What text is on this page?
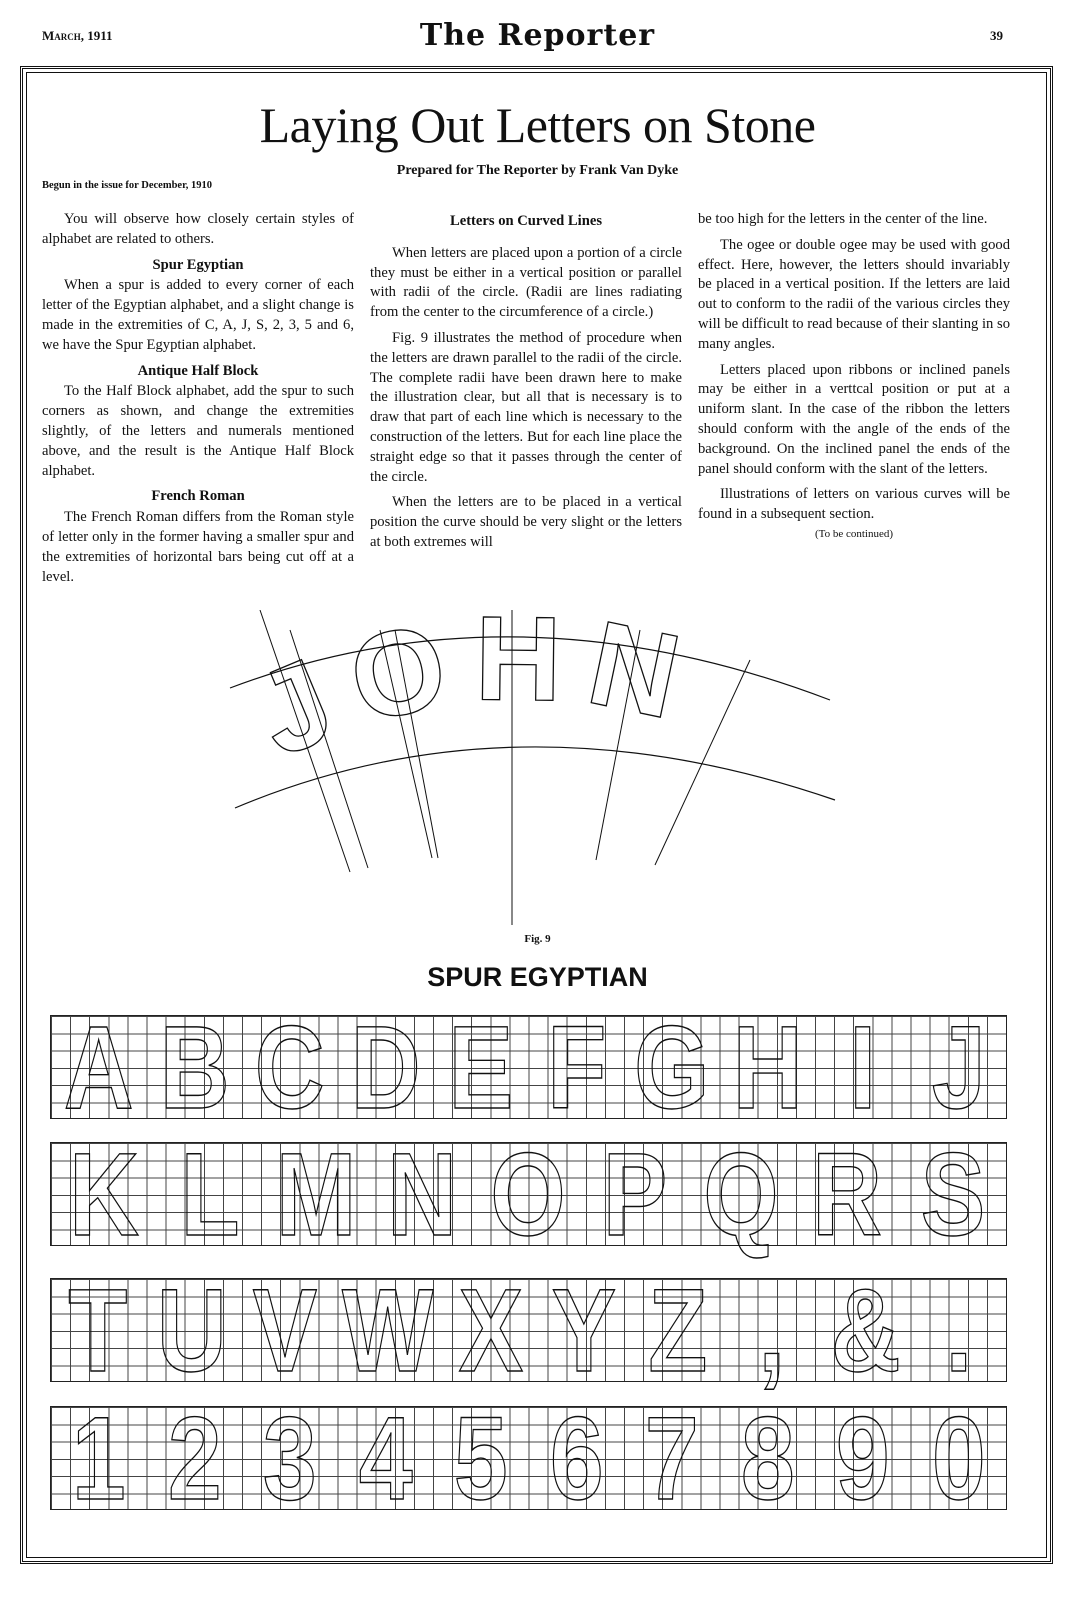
March, 1911	The Reporter	39
Laying Out Letters on Stone
Prepared for The Reporter by Frank Van Dyke
Begun in the issue for December, 1910

You will observe how closely certain styles of alphabet are related to others.

Spur Egyptian

When a spur is added to every corner of each letter of the Egyptian alphabet, and a slight change is made in the extremities of C, A, J, S, 2, 3, 5 and 6, we have the Spur Egyptian alphabet.

Antique Half Block

To the Half Block alphabet, add the spur to such corners as shown, and change the extremities slightly, of the letters and numerals mentioned above, and the result is the Antique Half Block alphabet.

French Roman

The French Roman differs from the Roman style of letter only in the former having a smaller spur and the extremities of horizontal bars being cut off at a level.

Letters on Curved Lines

When letters are placed upon a portion of a circle they must be either in a vertical position or parallel with radii of the circle. (Radii are lines radiating from the center to the circumference of a circle.)

Fig. 9 illustrates the method of procedure when the letters are drawn parallel to the radii of the circle. The complete radii have been drawn here to make the illustration clear, but all that is necessary is to draw that part of each line which is necessary to the construction of the letters. But for each line place the straight edge so that it passes through the center of the circle.

When the letters are to be placed in a vertical position the curve should be very slight or the letters at both extremes will

be too high for the letters in the center of the line.

The ogee or double ogee may be used with good effect. Here, however, the letters should invariably be placed in a vertical position. If the letters are laid out to conform to the radii of the various circles they will be difficult to read because of their slanting in so many angles.

Letters placed upon ribbons or inclined panels may be either in a verttcal position or put at a uniform slant. In the case of the ribbon the letters should conform with the angle of the ends of the background. On the inclined panel the ends of the panel should conform with the slant of the letters.

Illustrations of letters on various curves will be found in a subsequent section.

(To be continued)
JOHN
Fig. 9
SPUR EGYPTIAN
A B C D E F G H I J
K L M N O P Q R S
T U V W X Y Z , & .
1 2 3 4 5 6 7 8 9 0
